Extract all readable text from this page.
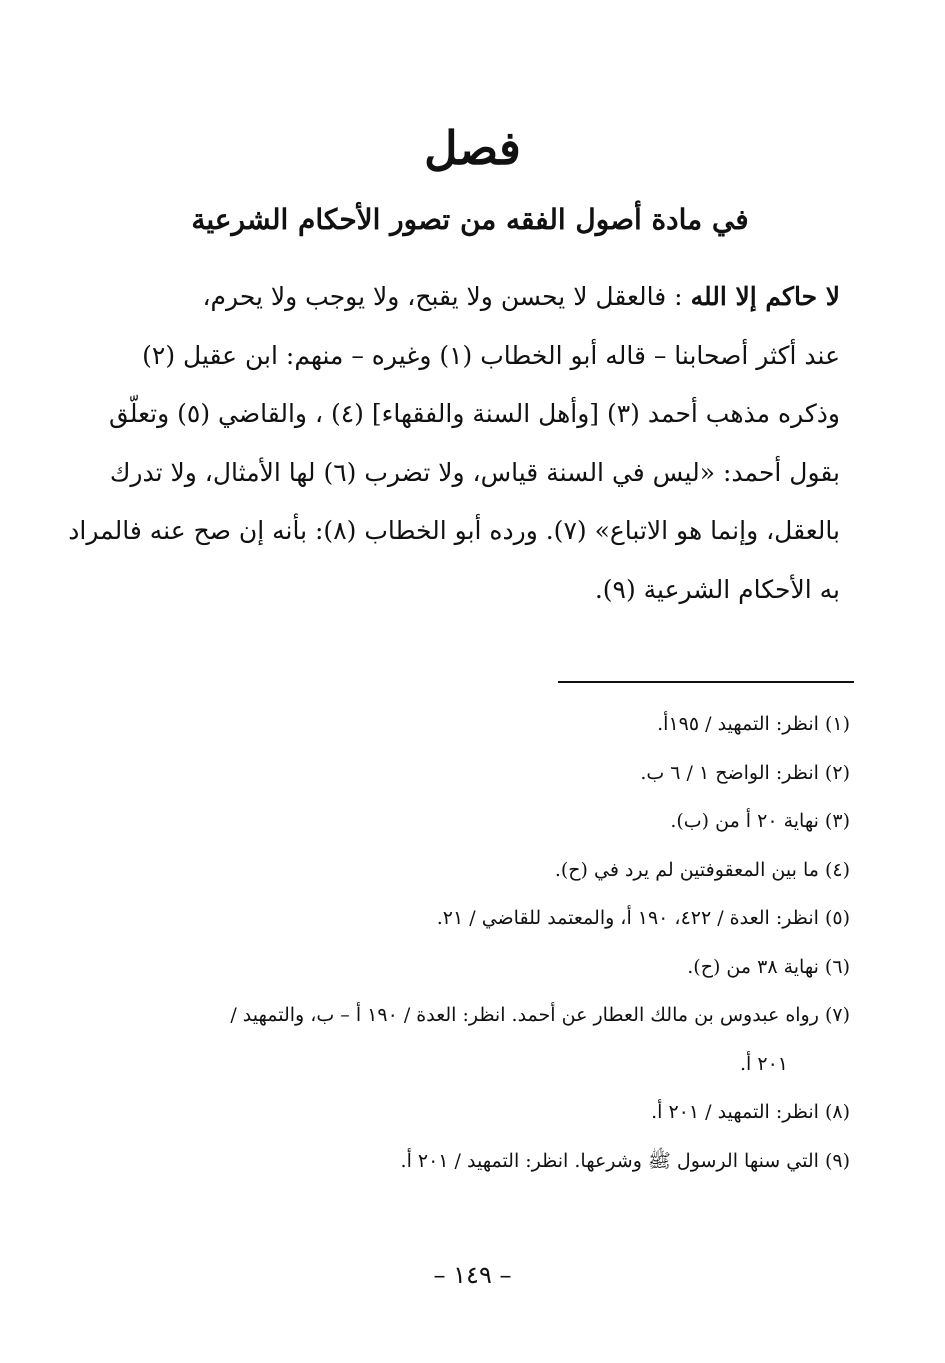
فصل
في مادة أصول الفقه من تصور الأحكام الشرعية
لا حاكم إلا الله : فالعقل لا يحسن ولا يقبح، ولا يوجب ولا يحرم،
عند أكثر أصحابنا – قاله أبو الخطاب (١) وغيره – منهم: ابن عقيل (٢)
وذكره مذهب أحمد (٣) [وأهل السنة والفقهاء] (٤) ، والقاضي (٥) وتعلّق
بقول أحمد: «ليس في السنة قياس، ولا تضرب (٦) لها الأمثال، ولا تدرك
بالعقل، وإنما هو الاتباع» (٧). ورده أبو الخطاب (٨): بأنه إن صح عنه فالمراد
به الأحكام الشرعية (٩).
(١) انظر: التمهيد / ١٩٥أ.
(٢) انظر: الواضح ١ / ٦ ب.
(٣) نهاية ٢٠ أ من (ب).
(٤) ما بين المعقوفتين لم يرد في (ح).
(٥) انظر: العدة / ٤٢٢، ١٩٠ أ، والمعتمد للقاضي / ٢١.
(٦) نهاية ٣٨ من (ح).
(٧) رواه عبدوس بن مالك العطار عن أحمد. انظر: العدة / ١٩٠ أ – ب، والتمهيد /
٢٠١ أ.
(٨) انظر: التمهيد / ٢٠١ أ.
(٩) التي سنها الرسول ﷺ وشرعها. انظر: التمهيد / ٢٠١ أ.
– ١٤٩ –
